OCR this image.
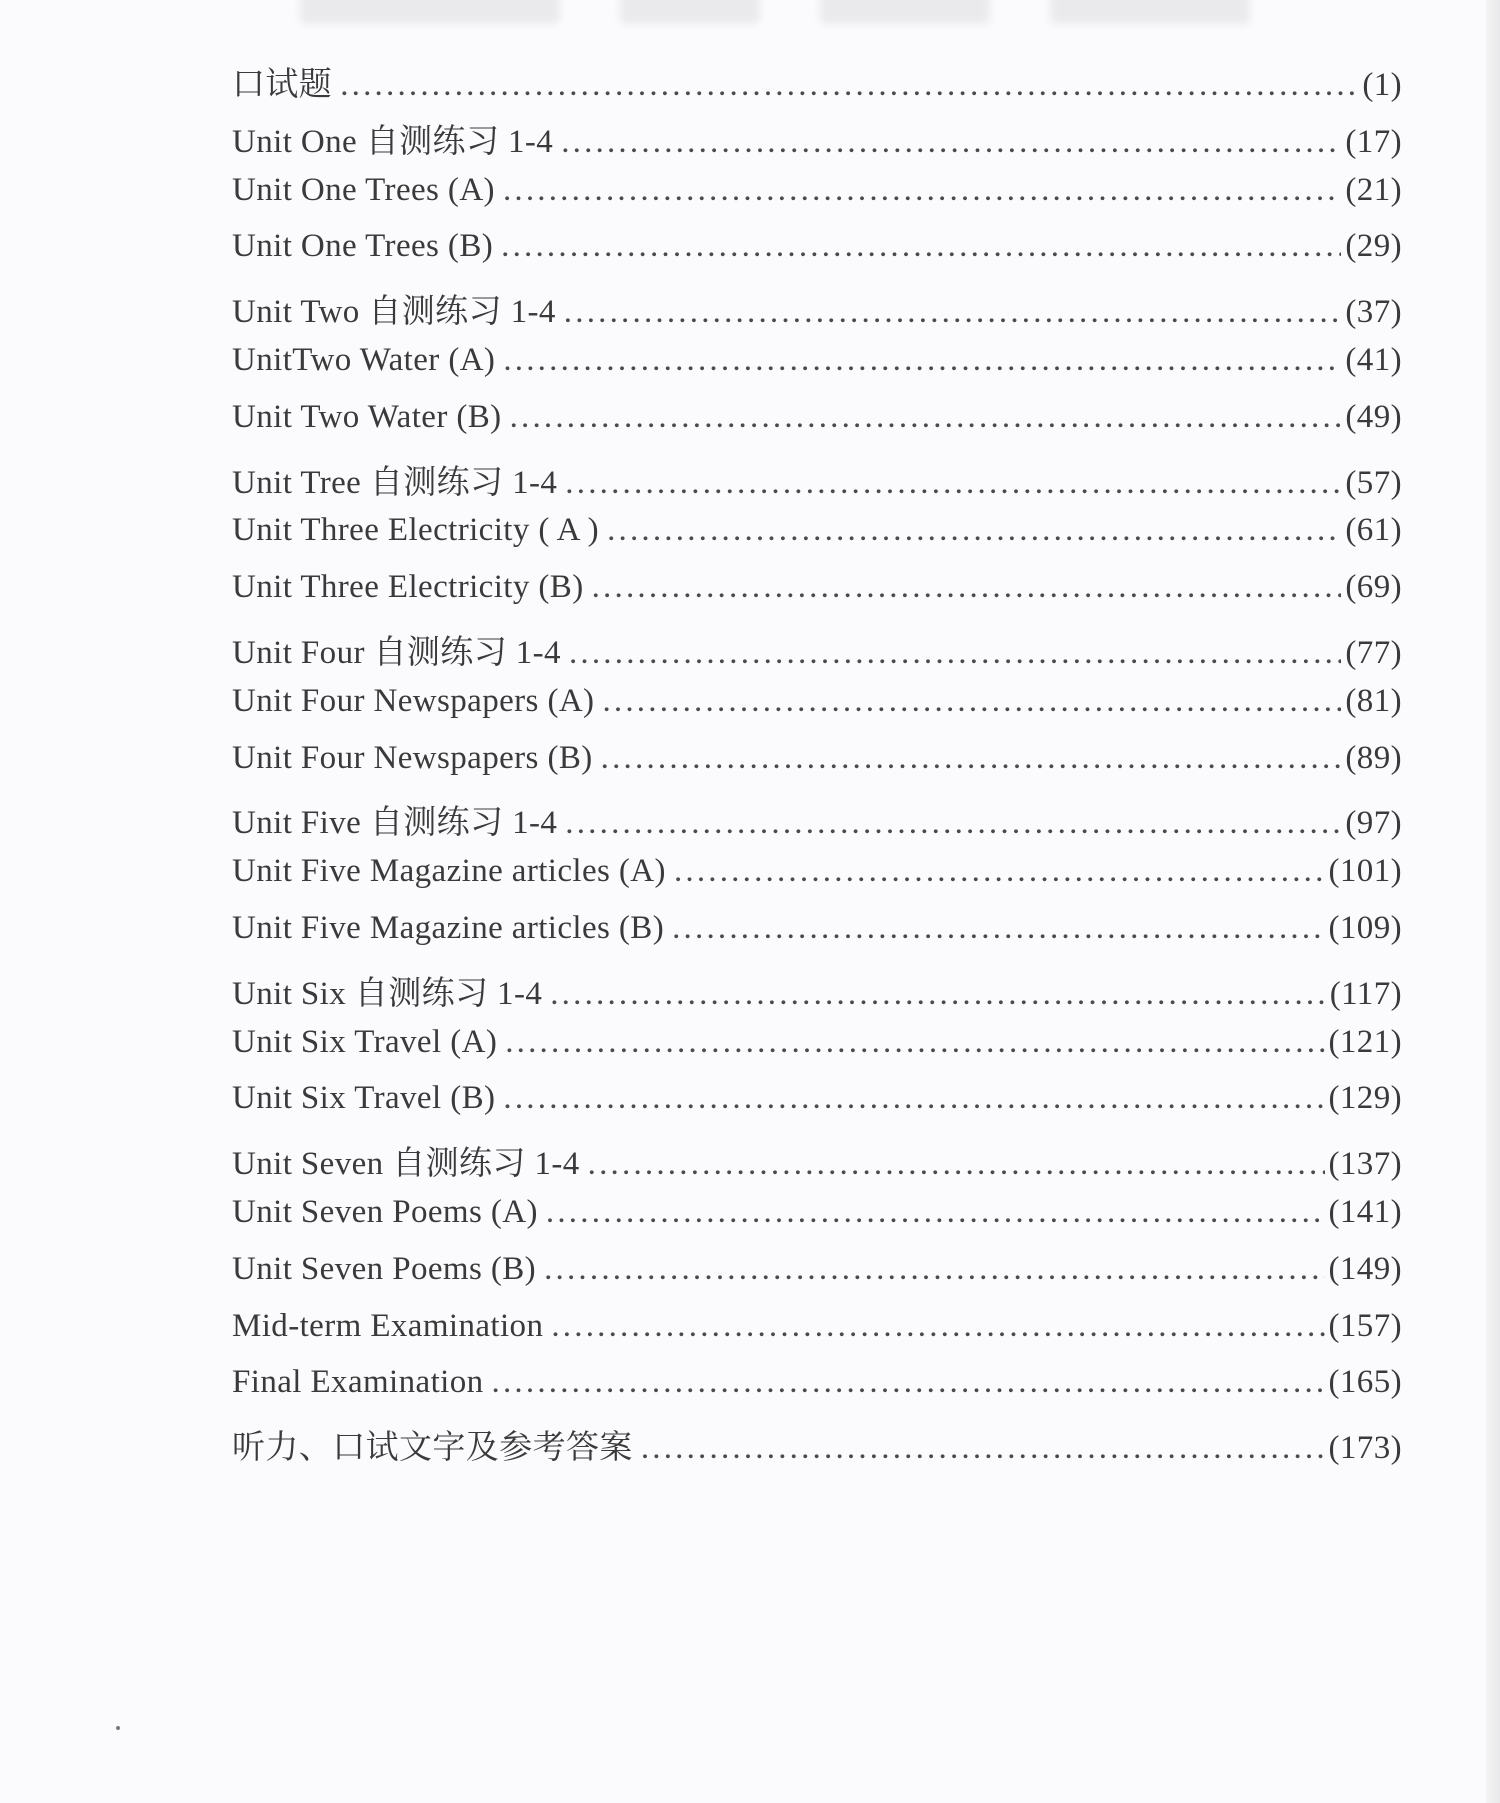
口试题 .....	(1)
Unit One 自测练习 1-4 .....	(17)
Unit One Trees (A) .....	(21)
Unit One Trees (B) .....	(29)
Unit Two 自测练习 1-4 .....	(37)
UnitTwo Water (A) .....	(41)
Unit Two Water (B) .....	(49)
Unit Tree 自测练习 1-4 .....	(57)
Unit Three Electricity ( A ) .....	(61)
Unit Three Electricity (B) .....	(69)
Unit Four 自测练习 1-4 .....	(77)
Unit Four Newspapers (A) .....	(81)
Unit Four Newspapers (B) .....	(89)
Unit Five 自测练习 1-4 .....	(97)
Unit Five Magazine articles (A) .....	(101)
Unit Five Magazine articles (B) .....	(109)
Unit Six 自测练习 1-4 .....	(117)
Unit Six Travel (A) .....	(121)
Unit Six Travel (B) .....	(129)
Unit Seven 自测练习 1-4 .....	(137)
Unit Seven Poems (A) .....	(141)
Unit Seven Poems (B) .....	(149)
Mid-term Examination .....	(157)
Final Examination .....	(165)
听力、口试文字及参考答案 .....	(173)
